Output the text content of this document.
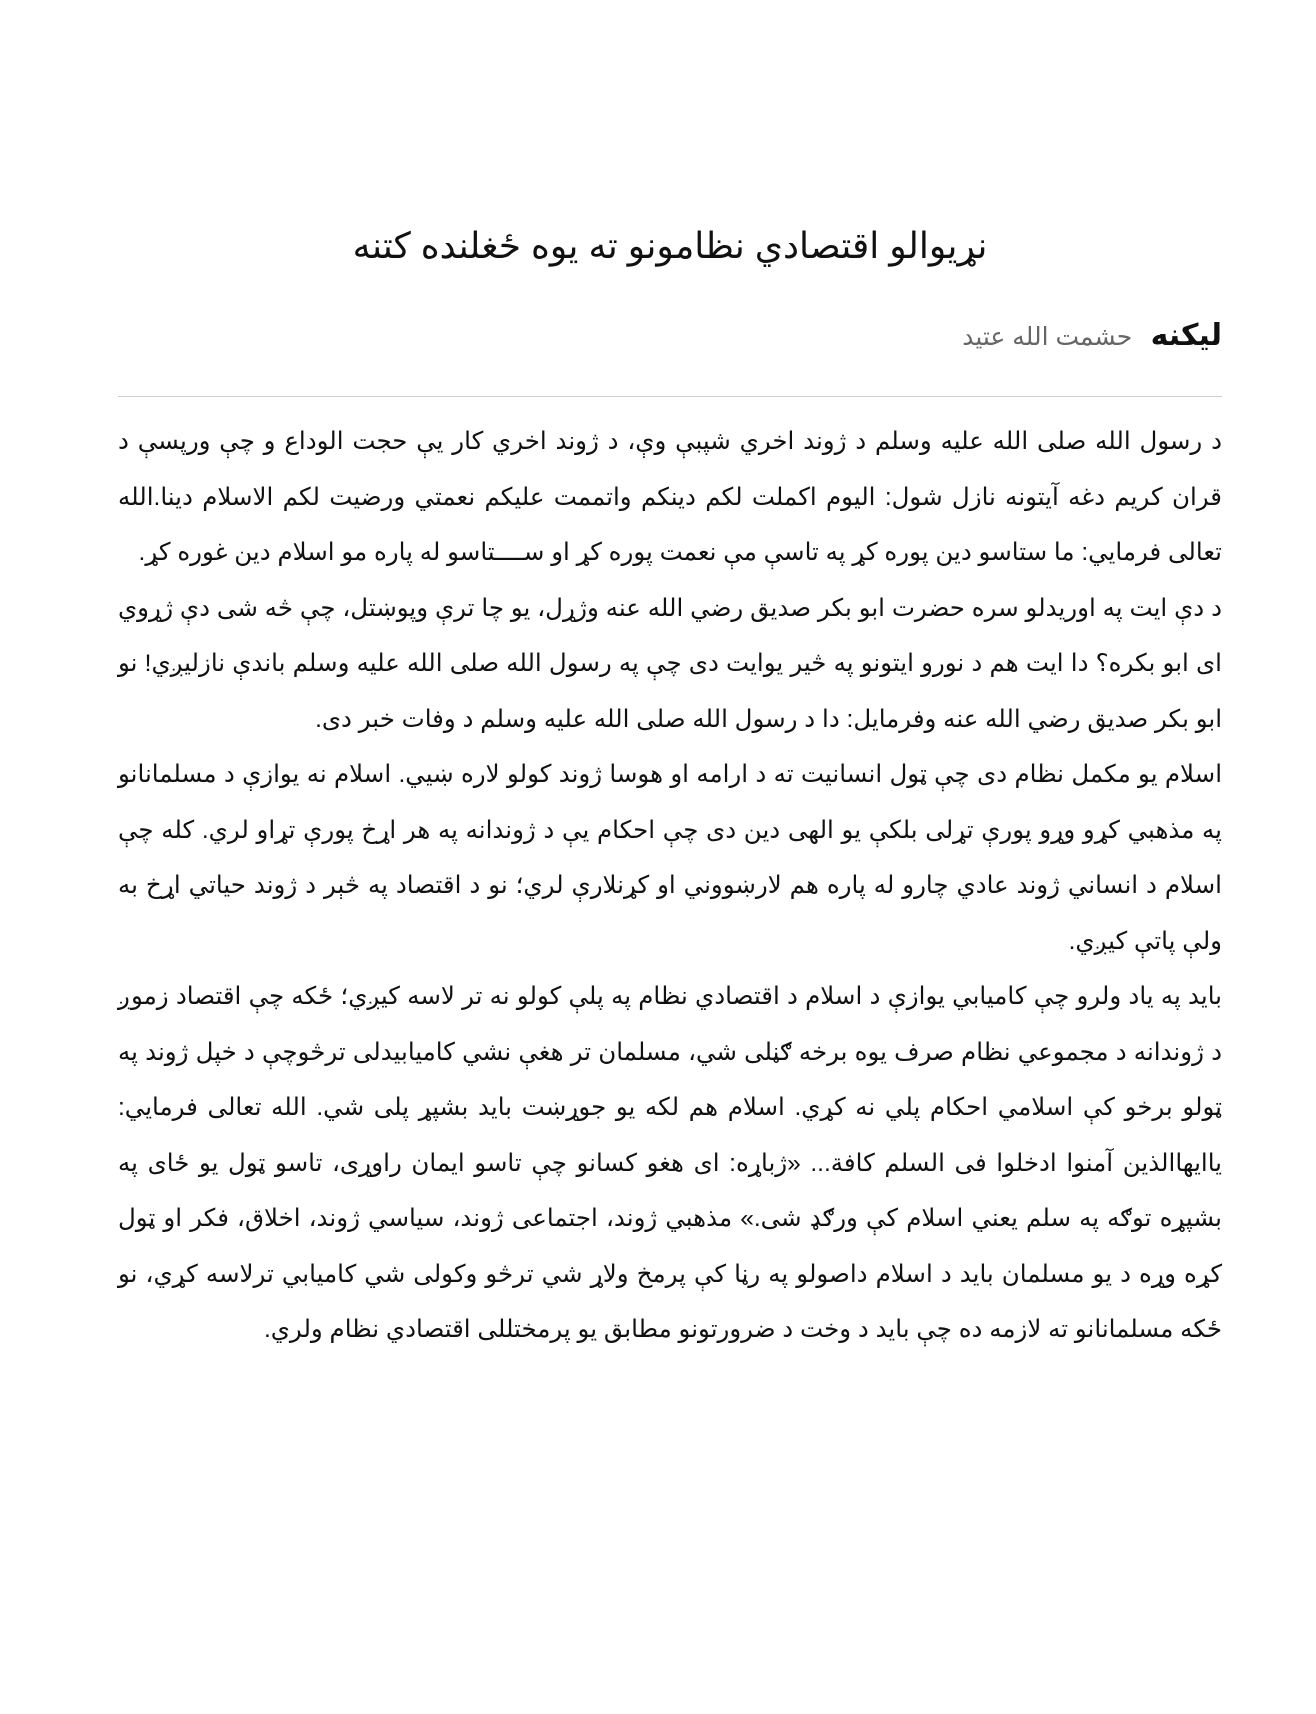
نړیوالو اقتصادي نظامونو ته یوه ځغلنده کتنه
لیکنه حشمت الله عتید

د رسول الله صلی الله علیه وسلم د ژوند اخري شپبې وې، د ژوند اخري کار یې حجت الوداع و چې ورپسې د قران کریم دغه آیتونه نازل شول: الیوم اکملت لکم دینکم واتممت علیکم نعمتي ورضیت لکم الاسلام دینا.الله تعالی فرمایي: ما ستاسو دین پوره کړ په تاسې مې نعمت پوره کړ او ســــتاسو له پاره مو اسلام دین غوره کړ.

د دې ایت په اوریدلو سره حضرت ابو بکر صدیق رضي الله عنه وژړل، یو چا ترې وپوښتل، چې څه شی دې ژړوي ای ابو بکره؟ دا ایت هم د نورو ایتونو په څیر یوایت دی چې په رسول الله صلی الله علیه وسلم باندې نازلیږي! نو ابو بکر صدیق رضي الله عنه وفرمایل: دا د رسول الله صلی الله علیه وسلم د وفات خبر دی.

اسلام یو مکمل نظام دی چې ټول انسانیت ته د ارامه او هوسا ژوند کولو لاره ښیي. اسلام نه یوازې د مسلمانانو په مذهبي کړو وړو پورې تړلی بلکې یو الهی دین دی چې احکام یې د ژوندانه په هر اړخ پورې تړاو لري. کله چې اسلام د انساني ژوند عادي چارو له پاره هم لارښووني او کړنلارې لري؛ نو د اقتصاد په څېر د ژوند حیاتي اړخ به ولې پاتې کیږي.

باید په یاد ولرو چې کامیابي یوازې د اسلام د اقتصادي نظام په پلې کولو نه تر لاسه کیږي؛ ځکه چې اقتصاد زموږ د ژوندانه د مجموعي نظام صرف یوه برخه ګڼلی شي، مسلمان تر هغې نشي کامیابیدلی ترڅوچې د خپل ژوند په ټولو برخو کې اسلامي احکام پلي نه کړي. اسلام هم لکه یو جوړښت باید بشپړ پلی شي. الله تعالی فرمایي: یاایهاالذین آمنوا ادخلوا فی السلم کافة... «ژباړه: ای هغو کسانو چې تاسو ایمان راوړی، تاسو ټول یو ځای په بشپړه توګه په سلم یعني اسلام کې ورګډ شی.» مذهبي ژوند، اجتماعی ژوند، سیاسي ژوند، اخلاق، فکر او ټول کړه وړه د یو مسلمان باید د اسلام داصولو په رڼا کې پرمخ ولاړ شي ترڅو وکولی شي کامیابي ترلاسه کړي، نو ځکه مسلمانانو ته لازمه ده چې باید د وخت د ضرورتونو مطابق یو پرمختللی اقتصادي نظام ولري.
